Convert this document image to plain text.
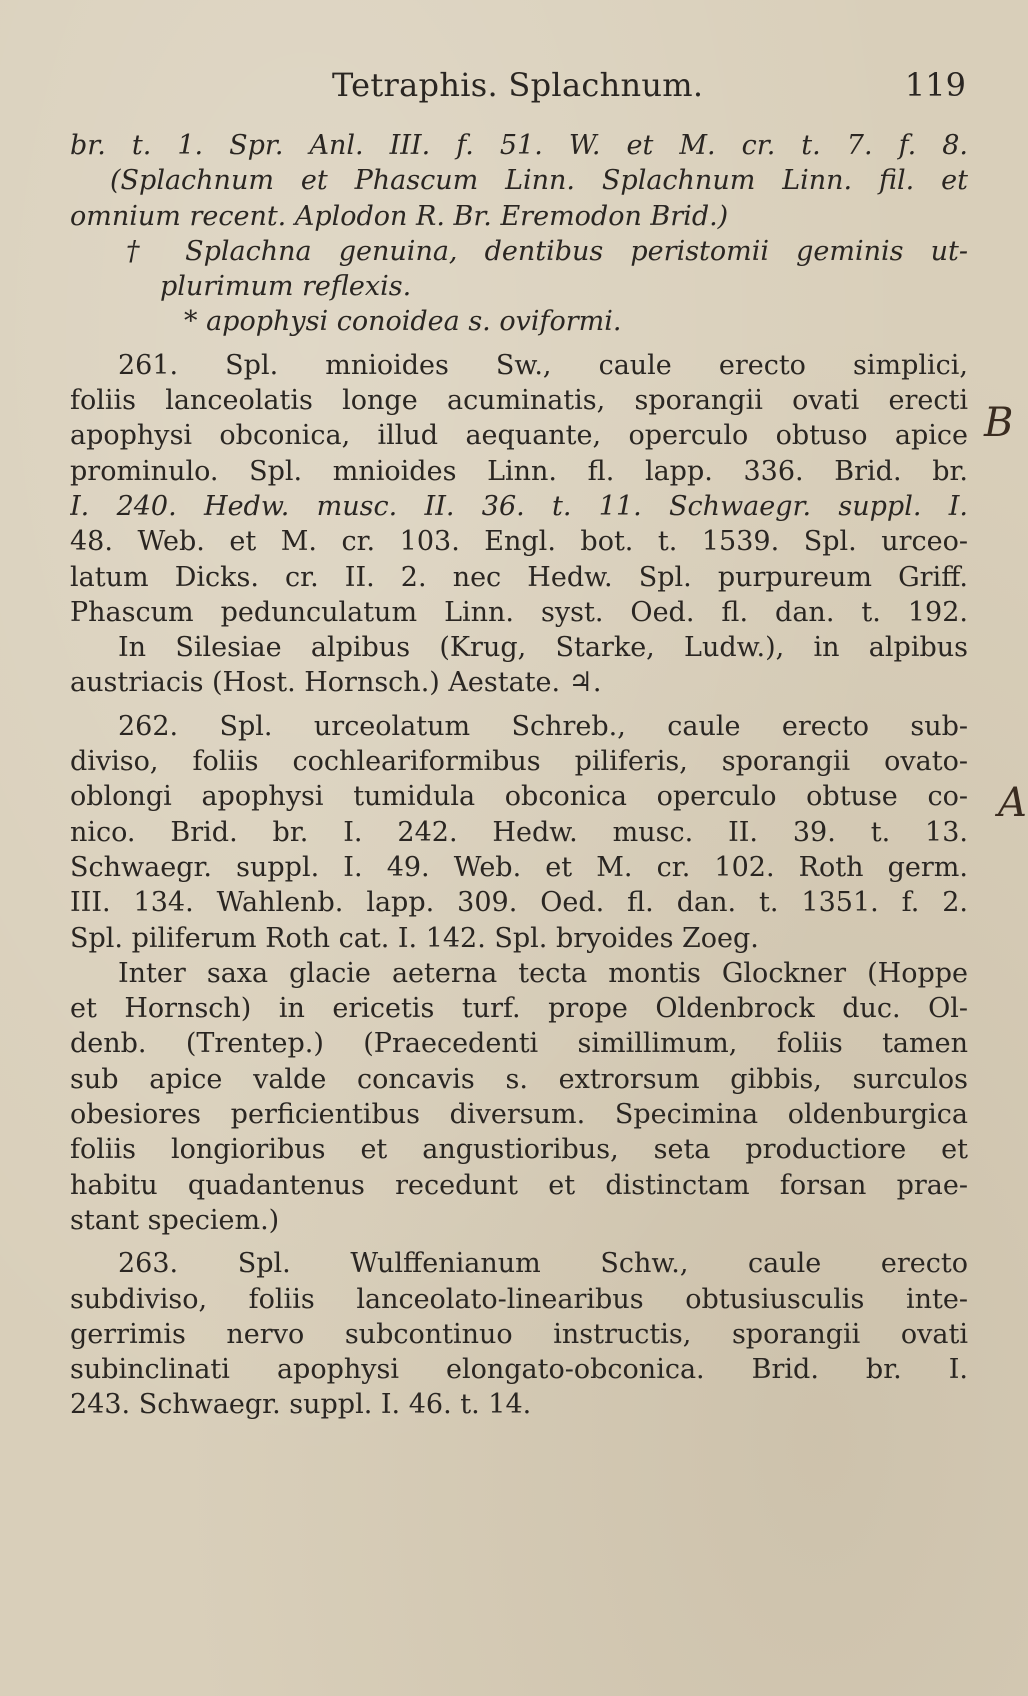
Tetraphis. Splachnum.	119
br. t. 1. Spr. Anl. III. f. 51. W. et M. cr. t. 7. f. 8.
(Splachnum et Phascum Linn. Splachnum Linn. fil. et
omnium recent. Aplodon R. Br. Eremodon Brid.)
† Splachna genuina, dentibus peristomii geminis ut-
plurimum reflexis.
* apophysi conoidea s. oviformi.
261. Spl. mnioides Sw., caule erecto simplici,
foliis lanceolatis longe acuminatis, sporangii ovati erecti
apophysi obconica, illud aequante, operculo obtuso apice
prominulo. Spl. mnioides Linn. fl. lapp. 336. Brid. br.
I. 240. Hedw. musc. II. 36. t. 11. Schwaegr. suppl. I.
48. Web. et M. cr. 103. Engl. bot. t. 1539. Spl. urceo-
latum Dicks. cr. II. 2. nec Hedw. Spl. purpureum Griff.
Phascum pedunculatum Linn. syst. Oed. fl. dan. t. 192.
In Silesiae alpibus (Krug, Starke, Ludw.), in alpibus
austriacis (Host. Hornsch.) Aestate. ♃.
262. Spl. urceolatum Schreb., caule erecto sub-
diviso, foliis cochleariformibus piliferis, sporangii ovato-
oblongi apophysi tumidula obconica operculo obtuse co-
nico. Brid. br. I. 242. Hedw. musc. II. 39. t. 13.
Schwaegr. suppl. I. 49. Web. et M. cr. 102. Roth germ.
III. 134. Wahlenb. lapp. 309. Oed. fl. dan. t. 1351. f. 2.
Spl. piliferum Roth cat. I. 142. Spl. bryoides Zoeg.
Inter saxa glacie aeterna tecta montis Glockner (Hoppe
et Hornsch) in ericetis turf. prope Oldenbrock duc. Ol-
denb. (Trentep.) (Praecedenti simillimum, foliis tamen
sub apice valde concavis s. extrorsum gibbis, surculos
obesiores perficientibus diversum. Specimina oldenburgica
foliis longioribus et angustioribus, seta productiore et
habitu quadantenus recedunt et distinctam forsan prae-
stant speciem.)
263. Spl. Wulffenianum Schw., caule erecto
subdiviso, foliis lanceolato-linearibus obtusiusculis inte-
gerrimis nervo subcontinuo instructis, sporangii ovati
subinclinati apophysi elongato-obconica. Brid. br. I.
243. Schwaegr. suppl. I. 46. t. 14.
B
A
